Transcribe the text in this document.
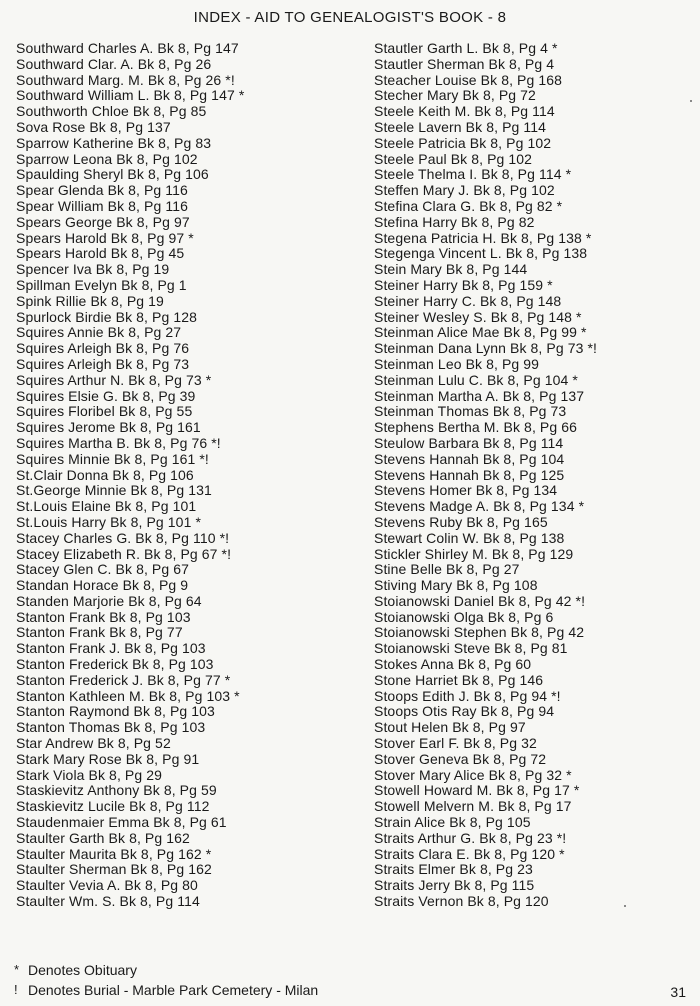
INDEX - AID TO GENEALOGIST'S BOOK - 8
Southward Charles A. Bk 8, Pg 147
Southward Clar. A. Bk 8, Pg 26
Southward Marg. M. Bk 8, Pg 26 *!
Southward William L. Bk 8, Pg 147 *
Southworth Chloe Bk 8, Pg 85
Sova Rose Bk 8, Pg 137
Sparrow Katherine Bk 8, Pg 83
Sparrow Leona Bk 8, Pg 102
Spaulding Sheryl Bk 8, Pg 106
Spear Glenda Bk 8, Pg 116
Spear William Bk 8, Pg 116
Spears George Bk 8, Pg 97
Spears Harold Bk 8, Pg 97 *
Spears Harold Bk 8, Pg 45
Spencer Iva Bk 8, Pg 19
Spillman Evelyn Bk 8, Pg 1
Spink Rillie Bk 8, Pg 19
Spurlock Birdie Bk 8, Pg 128
Squires Annie Bk 8, Pg 27
Squires Arleigh Bk 8, Pg 76
Squires Arleigh Bk 8, Pg 73
Squires Arthur N. Bk 8, Pg 73 *
Squires Elsie G. Bk 8, Pg 39
Squires Floribel Bk 8, Pg 55
Squires Jerome Bk 8, Pg 161
Squires Martha B. Bk 8, Pg 76 *!
Squires Minnie Bk 8, Pg 161 *!
St.Clair Donna Bk 8, Pg 106
St.George Minnie Bk 8, Pg 131
St.Louis Elaine Bk 8, Pg 101
St.Louis Harry Bk 8, Pg 101 *
Stacey Charles G. Bk 8, Pg 110 *!
Stacey Elizabeth R. Bk 8, Pg 67 *!
Stacey Glen C. Bk 8, Pg 67
Standan Horace Bk 8, Pg 9
Standen Marjorie Bk 8, Pg 64
Stanton Frank Bk 8, Pg 103
Stanton Frank Bk 8, Pg 77
Stanton Frank J. Bk 8, Pg 103
Stanton Frederick Bk 8, Pg 103
Stanton Frederick J. Bk 8, Pg 77 *
Stanton Kathleen M. Bk 8, Pg 103 *
Stanton Raymond Bk 8, Pg 103
Stanton Thomas Bk 8, Pg 103
Star Andrew Bk 8, Pg 52
Stark Mary Rose Bk 8, Pg 91
Stark Viola Bk 8, Pg 29
Staskievitz Anthony Bk 8, Pg 59
Staskievitz Lucile Bk 8, Pg 112
Staudenmaier Emma Bk 8, Pg 61
Staulter Garth Bk 8, Pg 162
Staulter Maurita Bk 8, Pg 162 *
Staulter Sherman Bk 8, Pg 162
Staulter Vevia A. Bk 8, Pg 80
Staulter Wm. S. Bk 8, Pg 114
Stautler Garth L. Bk 8, Pg 4 *
Stautler Sherman Bk 8, Pg 4
Steacher Louise Bk 8, Pg 168
Stecher Mary Bk 8, Pg 72
Steele Keith M. Bk 8, Pg 114
Steele Lavern Bk 8, Pg 114
Steele Patricia Bk 8, Pg 102
Steele Paul Bk 8, Pg 102
Steele Thelma I. Bk 8, Pg 114 *
Steffen Mary J. Bk 8, Pg 102
Stefina Clara G. Bk 8, Pg 82 *
Stefina Harry Bk 8, Pg 82
Stegena Patricia H. Bk 8, Pg 138 *
Stegenga Vincent L. Bk 8, Pg 138
Stein Mary Bk 8, Pg 144
Steiner Harry Bk 8, Pg 159 *
Steiner Harry C. Bk 8, Pg 148
Steiner Wesley S. Bk 8, Pg 148 *
Steinman Alice Mae Bk 8, Pg 99 *
Steinman Dana Lynn Bk 8, Pg 73 *!
Steinman Leo Bk 8, Pg 99
Steinman Lulu C. Bk 8, Pg 104 *
Steinman Martha A. Bk 8, Pg 137
Steinman Thomas Bk 8, Pg 73
Stephens Bertha M. Bk 8, Pg 66
Steulow Barbara Bk 8, Pg 114
Stevens Hannah Bk 8, Pg 104
Stevens Hannah Bk 8, Pg 125
Stevens Homer Bk 8, Pg 134
Stevens Madge A. Bk 8, Pg 134 *
Stevens Ruby Bk 8, Pg 165
Stewart Colin W. Bk 8, Pg 138
Stickler Shirley M. Bk 8, Pg 129
Stine Belle Bk 8, Pg 27
Stiving Mary Bk 8, Pg 108
Stoianowski Daniel Bk 8, Pg 42 *!
Stoianowski Olga Bk 8, Pg 6
Stoianowski Stephen Bk 8, Pg 42
Stoianowski Steve Bk 8, Pg 81
Stokes Anna Bk 8, Pg 60
Stone Harriet Bk 8, Pg 146
Stoops Edith J. Bk 8, Pg 94 *!
Stoops Otis Ray Bk 8, Pg 94
Stout Helen Bk 8, Pg 97
Stover Earl F. Bk 8, Pg 32
Stover Geneva Bk 8, Pg 72
Stover Mary Alice Bk 8, Pg 32 *
Stowell Howard M. Bk 8, Pg 17 *
Stowell Melvern M. Bk 8, Pg 17
Strain Alice Bk 8, Pg 105
Straits Arthur G. Bk 8, Pg 23 *!
Straits Clara E. Bk 8, Pg 120 *
Straits Elmer Bk 8, Pg 23
Straits Jerry Bk 8, Pg 115
Straits Vernon Bk 8, Pg 120
* Denotes Obituary
! Denotes Burial - Marble Park Cemetery - Milan	31
